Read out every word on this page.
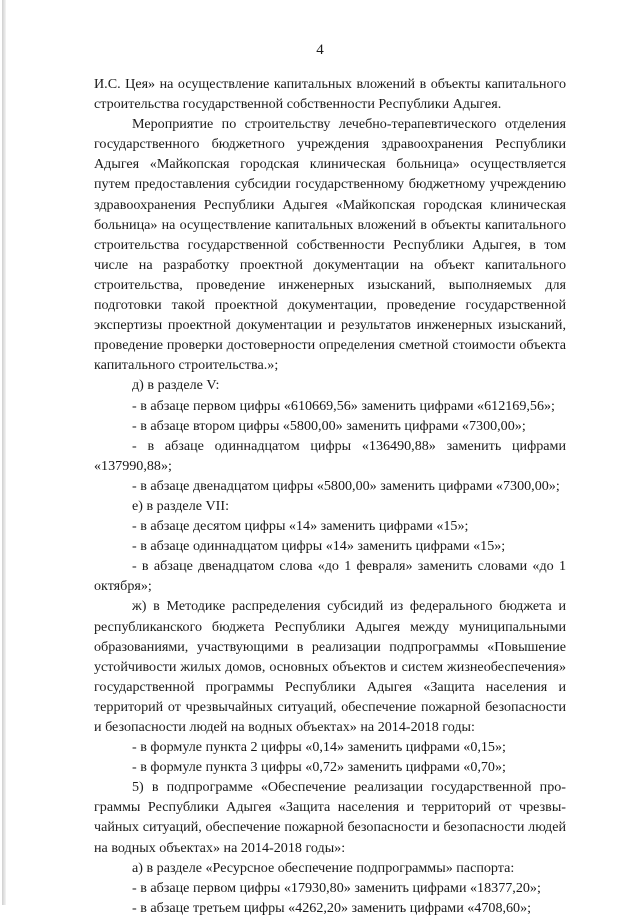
4

И.С. Цея» на осуществление капитальных вложений в объекты капитального строительства государственной собственности Республики Адыгея.

Мероприятие по строительству лечебно-терапевтического отделения государственного бюджетного учреждения здравоохранения Республики Адыгея «Майкопская городская клиническая больница» осуществляется путем предоставления субсидии государственному бюджетному учреждению здравоохранения Республики Адыгея «Майкопская городская клиническая больница» на осуществление капитальных вложений в объекты капитального строительства государственной собственности Республики Адыгея, в том числе на разработку проектной документации на объект капитального строительства, проведение инженерных изысканий, выполняемых для подготовки такой проектной документации, проведение государственной экспертизы проектной документации и результатов инженерных изысканий, проведение проверки достоверности определения сметной стоимости объекта капитального строительства.»;

д) в разделе V:

- в абзаце первом цифры «610669,56» заменить цифрами «612169,56»;

- в абзаце втором цифры «5800,00» заменить цифрами «7300,00»;

- в абзаце одиннадцатом цифры «136490,88» заменить цифрами «137990,88»;

- в абзаце двенадцатом цифры «5800,00» заменить цифрами «7300,00»;

е) в разделе VII:

- в абзаце десятом цифры «14» заменить цифрами «15»;

- в абзаце одиннадцатом цифры «14» заменить цифрами «15»;

- в абзаце двенадцатом слова «до 1 февраля» заменить словами «до 1 октября»;

ж) в Методике распределения субсидий из федерального бюджета и республиканского бюджета Республики Адыгея между муниципальными образованиями, участвующими в реализации подпрограммы «Повышение устойчивости жилых домов, основных объектов и систем жизнеобеспечения» государственной программы Республики Адыгея «Защита населения и территорий от чрезвычайных ситуаций, обеспечение пожарной безопасности и безопасности людей на водных объектах» на 2014-2018 годы:

- в формуле пункта 2 цифры «0,14» заменить цифрами «0,15»;

- в формуле пункта 3 цифры «0,72» заменить цифрами «0,70»;

5) в подпрограмме «Обеспечение реализации государственной программы Республики Адыгея «Защита населения и территорий от чрезвычайных ситуаций, обеспечение пожарной безопасности и безопасности людей на водных объектах» на 2014-2018 годы»:

а) в разделе «Ресурсное обеспечение подпрограммы» паспорта:

- в абзаце первом цифры «17930,80» заменить цифрами «18377,20»;

- в абзаце третьем цифры «4262,20» заменить цифрами «4708,60»;
